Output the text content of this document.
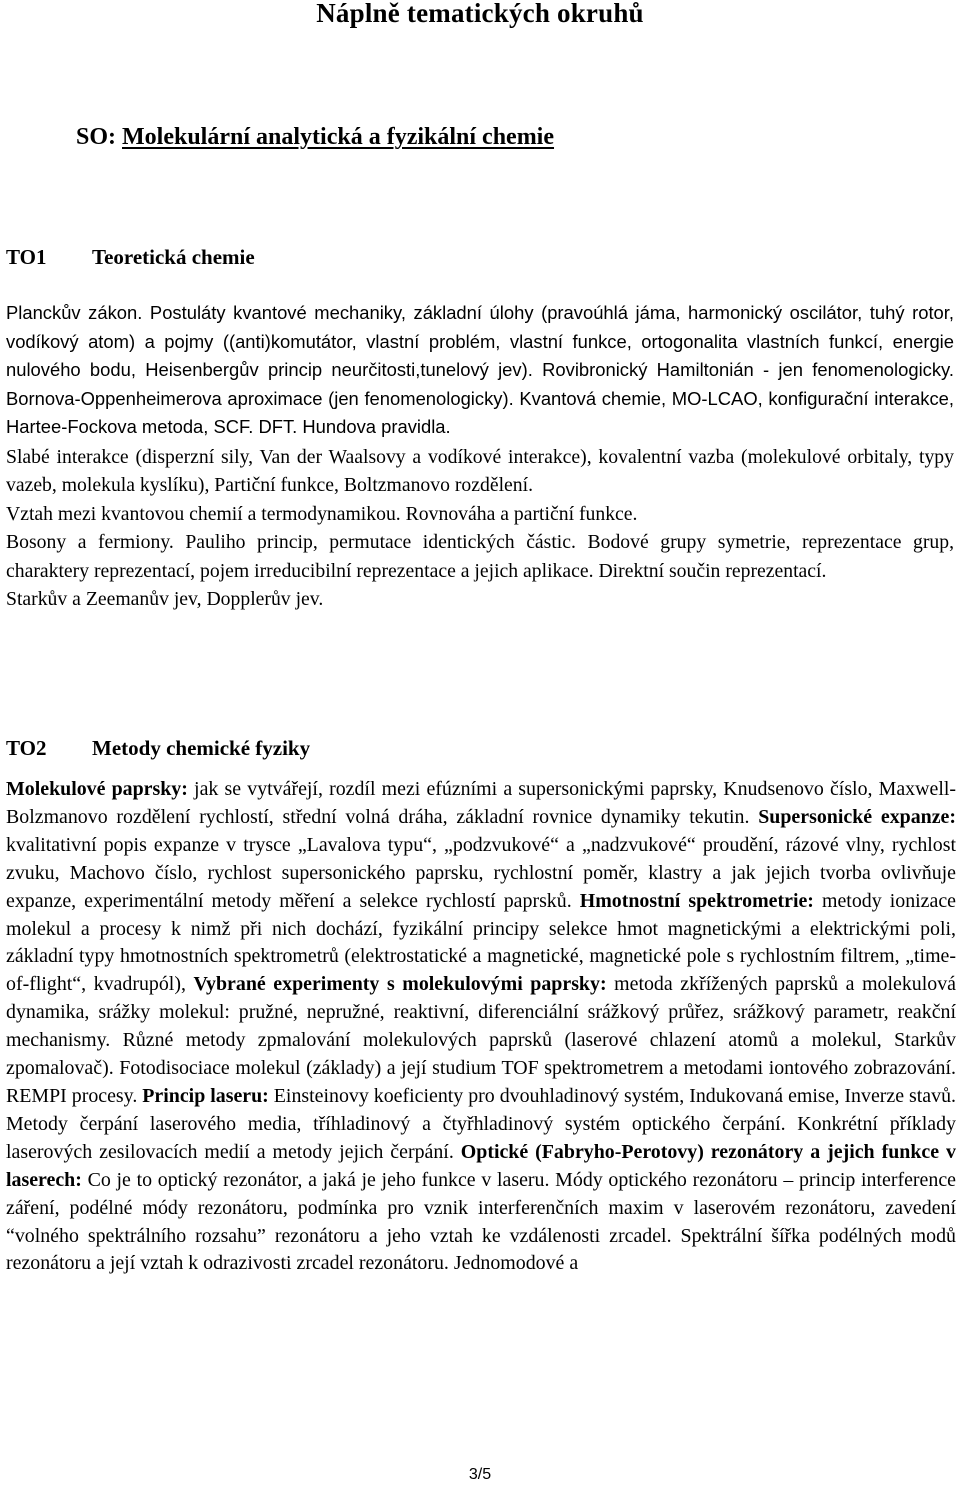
Náplně tematických okruhů
SO: Molekulární analytická a fyzikální chemie
TO1 Teoretická chemie

Planckův zákon. Postuláty kvantové mechaniky, základní úlohy (pravoúhlá jáma, harmonický oscilátor, tuhý rotor, vodíkový atom) a pojmy ((anti)komutátor, vlastní problém, vlastní funkce, ortogonalita vlastních funkcí, energie nulového bodu, Heisenbergův princip neurčitosti,tunelový jev). Rovibronický Hamiltonián - jen fenomenologicky. Bornova-Oppenheimerova aproximace (jen fenomenologicky). Kvantová chemie, MO-LCAO, konfigurační interakce, Hartee-Fockova metoda, SCF. DFT. Hundova pravidla.

Slabé interakce (disperzní sily, Van der Waalsovy a vodíkové interakce), kovalentní vazba (molekulové orbitaly, typy vazeb, molekula kyslíku), Partiční funkce, Boltzmanovo rozdělení.

Vztah mezi kvantovou chemií a termodynamikou. Rovnováha a partiční funkce.

Bosony a fermiony. Pauliho princip, permutace identických částic. Bodové grupy symetrie, reprezentace grup, charaktery reprezentací, pojem irreducibilní reprezentace a jejich aplikace. Direktní součin reprezentací.

Starkův a Zeemanův jev, Dopplerův jev.

TO2 Metody chemické fyziky

Molekulové paprsky: jak se vytvářejí, rozdíl mezi efúzními a supersonickými paprsky, Knudsenovo číslo, Maxwell-Bolzmanovo rozdělení rychlostí, střední volná dráha, základní rovnice dynamiky tekutin. Supersonické expanze: kvalitativní popis expanze v trysce „Lavalova typu“, „podzvukové“ a „nadzvukové“ proudění, rázové vlny, rychlost zvuku, Machovo číslo, rychlost supersonického paprsku, rychlostní poměr, klastry a jak jejich tvorba ovlivňuje expanze, experimentální metody měření a selekce rychlostí paprsků. Hmotnostní spektrometrie: metody ionizace molekul a procesy k nimž při nich dochází, fyzikální principy selekce hmot magnetickými a elektrickými poli, základní typy hmotnostních spektrometrů (elektrostatické a magnetické, magnetické pole s rychlostním filtrem, „time-of-flight“, kvadrupól), Vybrané experimenty s molekulovými paprsky: metoda zkřížených paprsků a molekulová dynamika, srážky molekul: pružné, nepružné, reaktivní, diferenciální srážkový průřez, srážkový parametr, reakční mechanismy. Různé metody zpmalování molekulových paprsků (laserové chlazení atomů a molekul, Starkův zpomalovač). Fotodisociace molekul (základy) a její studium TOF spektrometrem a metodami iontového zobrazování. REMPI procesy. Princip laseru: Einsteinovy koeficienty pro dvouhladinový systém, Indukovaná emise, Inverze stavů. Metody čerpání laserového media, tříhladinový a čtyřhladinový systém optického čerpání. Konkrétní příklady laserových zesilovacích medií a metody jejich čerpání. Optické (Fabryho-Perotovy) rezonátory a jejich funkce v laserech: Co je to optický rezonátor, a jaká je jeho funkce v laseru. Módy optického rezonátoru – princip interference záření, podélné módy rezonátoru, podmínka pro vznik interferenčních maxim v laserovém rezonátoru, zavedení “volného spektrálního rozsahu” rezonátoru a jeho vztah ke vzdálenosti zrcadel. Spektrální šířka podélných modů rezonátoru a její vztah k odrazivosti zrcadel rezonátoru. Jednomodové a

3/5
